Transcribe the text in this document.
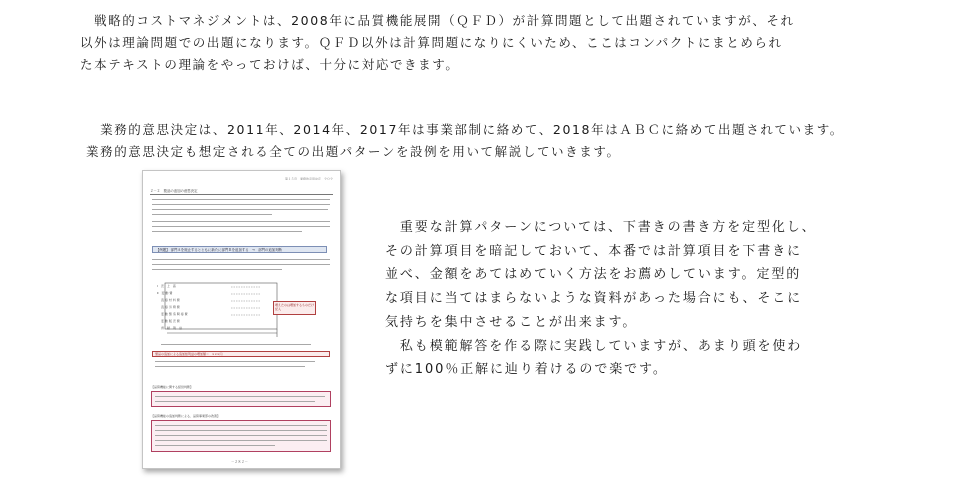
　戦略的コストマネジメントは、2008年に品質機能展開（ＱＦＤ）が計算問題として出題されていますが、それ
以外は理論問題での出題になります。ＱＦＤ以外は計算問題になりにくいため、ここはコンパクトにまとめられ
た本テキストの理論をやっておけば、十分に対応できます。
　業務的意思決定は、2011年、2014年、2017年は事業部制に絡めて、2018年はＡＢＣに絡めて出題されています。
業務的意思決定も想定される全ての出題パターンを設例を用いて解説していきます。
第１５章　業務的意思決定　９０９
２－２　製品の追加の意思決定
【例題】 部門Ａを廃止するとともに新たに部門Ｂを追加する　→　部門の追加判断
Ⅰ　売　上　高
Ⅱ　変 動 費
　 直 接 材 料 費
　 直 接 労 務 費
　 変 動 製 造 間 接 費
　 変 動 販 売 費
　 貢　献　利　益
増えたのは増加するものだけ記入
製品の追加による追加総利益の増加額＝　×××円
【品質機能に関する経営判断】
【品質機能の追加判断による、品質事業部の改善】
－２８２－
　重要な計算パターンについては、下書きの書き方を定型化し、
その計算項目を暗記しておいて、本番では計算項目を下書きに
並べ、金額をあてはめていく方法をお薦めしています。定型的
な項目に当てはまらないような資料があった場合にも、そこに
気持ちを集中させることが出来ます。
　私も模範解答を作る際に実践していますが、あまり頭を使わ
ずに100％正解に辿り着けるので楽です。
